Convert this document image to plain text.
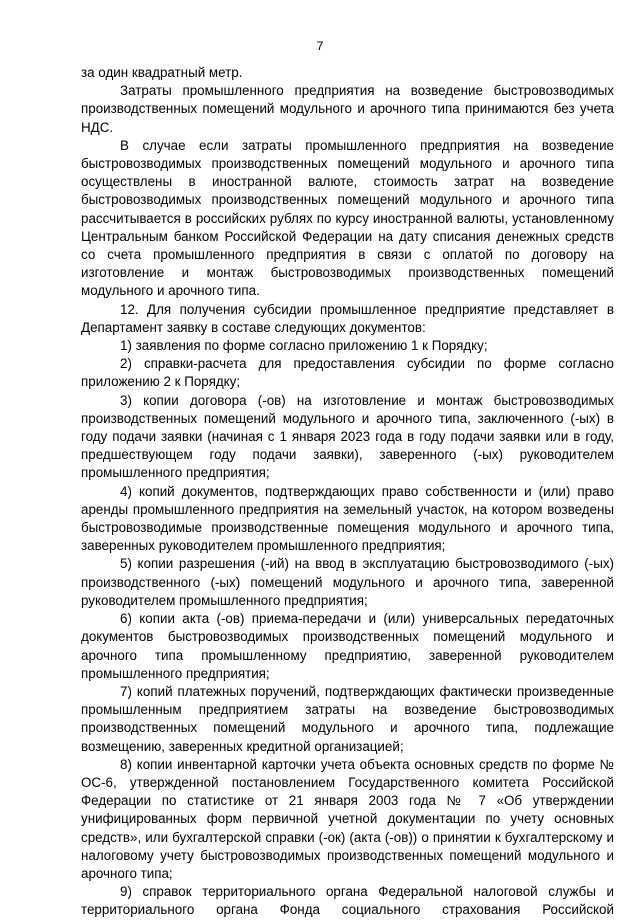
7

за один квадратный метр.

Затраты промышленного предприятия на возведение быстровозводимых производственных помещений модульного и арочного типа принимаются без учета НДС.

В случае если затраты промышленного предприятия на возведение быстровозводимых производственных помещений модульного и арочного типа осуществлены в иностранной валюте, стоимость затрат на возведение быстровозводимых производственных помещений модульного и арочного типа рассчитывается в российских рублях по курсу иностранной валюты, установленному Центральным банком Российской Федерации на дату списания денежных средств со счета промышленного предприятия в связи с оплатой по договору на изготовление и монтаж быстровозводимых производственных помещений модульного и арочного типа.

12. Для получения субсидии промышленное предприятие представляет в Департамент заявку в составе следующих документов:

1) заявления по форме согласно приложению 1 к Порядку;

2) справки-расчета для предоставления субсидии по форме согласно приложению 2 к Порядку;

3) копии договора (-ов) на изготовление и монтаж быстровозводимых производственных помещений модульного и арочного типа, заключенного (-ых) в году подачи заявки (начиная с 1 января 2023 года в году подачи заявки или в году, предшествующем году подачи заявки), заверенного (-ых) руководителем промышленного предприятия;

4) копий документов, подтверждающих право собственности и (или) право аренды промышленного предприятия на земельный участок, на котором возведены быстровозводимые производственные помещения модульного и арочного типа, заверенных руководителем промышленного предприятия;

5) копии разрешения (-ий) на ввод в эксплуатацию быстровозводимого (-ых) производственного (-ых) помещений модульного и арочного типа, заверенной руководителем промышленного предприятия;

6) копии акта (-ов) приема-передачи и (или) универсальных передаточных документов быстровозводимых производственных помещений модульного и арочного типа промышленному предприятию, заверенной руководителем промышленного предприятия;

7) копий платежных поручений, подтверждающих фактически произведенные промышленным предприятием затраты на возведение быстровозводимых производственных помещений модульного и арочного типа, подлежащие возмещению, заверенных кредитной организацией;

8) копии инвентарной карточки учета объекта основных средств по форме № ОС-6, утвержденной постановлением Государственного комитета Российской Федерации по статистике от 21 января 2003 года № 7 «Об утверждении унифицированных форм первичной учетной документации по учету основных средств», или бухгалтерской справки (-ок) (акта (-ов)) о принятии к бухгалтерскому и налоговому учету быстровозводимых производственных помещений модульного и арочного типа;

9) справок территориального органа Федеральной налоговой службы и территориального органа Фонда социального страхования Российской
